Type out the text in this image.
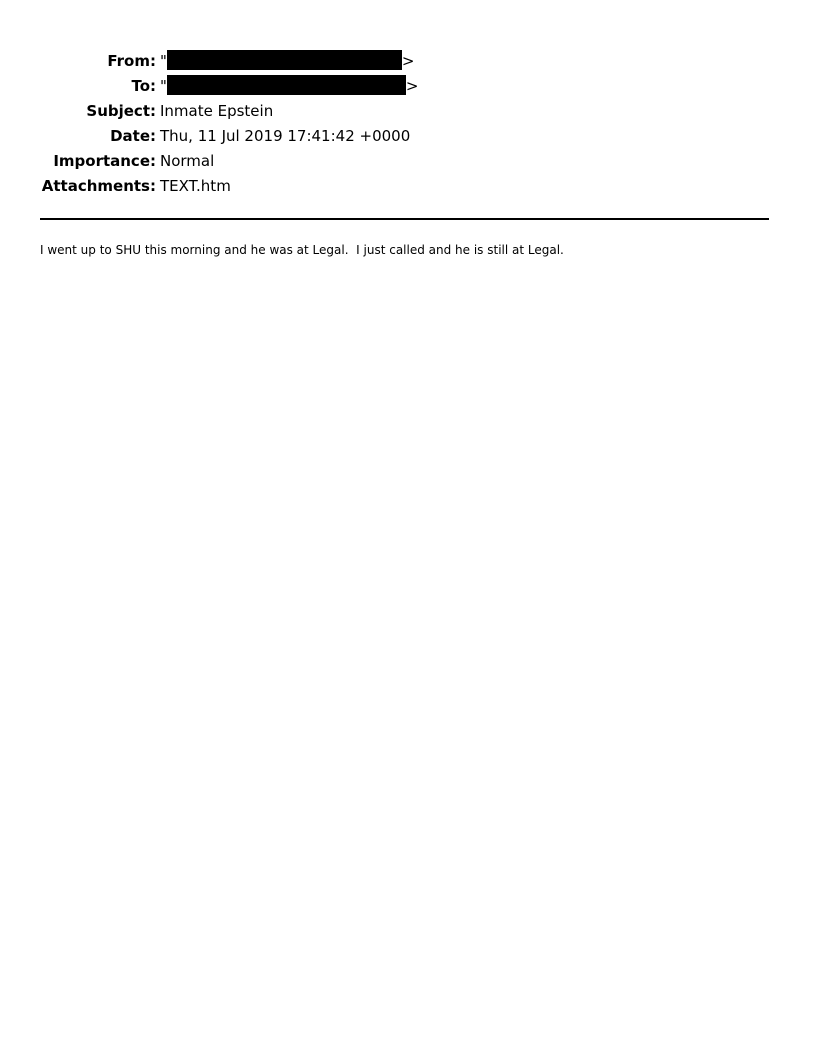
From: "	>
To: "	>
Subject: Inmate Epstein
Date: Thu, 11 Jul 2019 17:41:42 +0000
Importance: Normal
Attachments: TEXT.htm
I went up to SHU this morning and he was at Legal.  I just called and he is still at Legal.
